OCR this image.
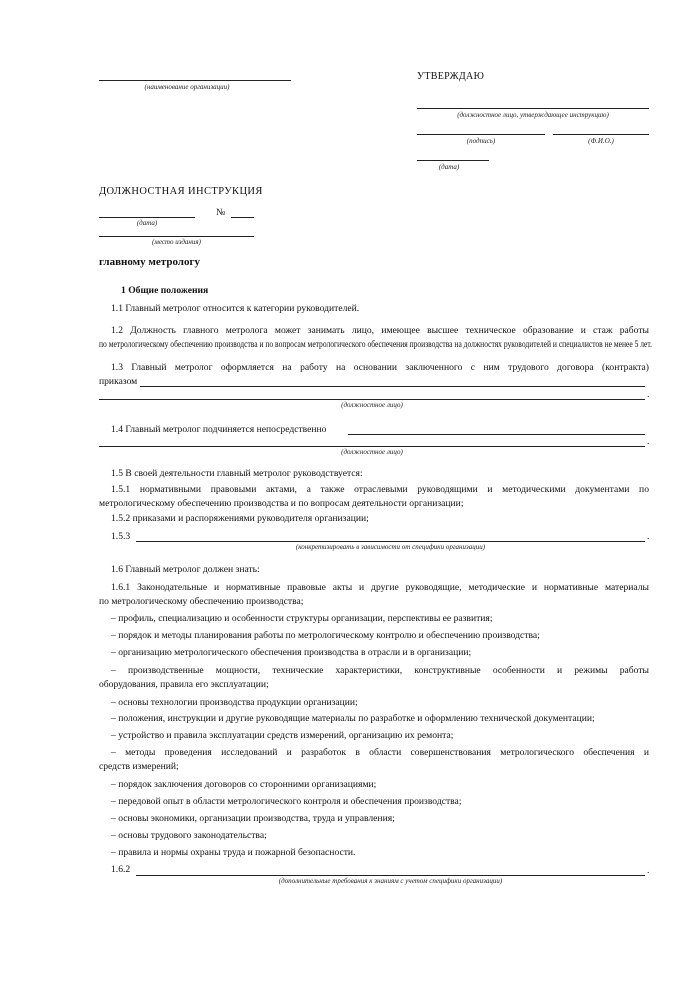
(наименование организации)
УТВЕРЖДАЮ
(должностное лицо, утверждающее инструкцию)
(подпись)	(Ф.И.О.)
(дата)
ДОЛЖНОСТНАЯ ИНСТРУКЦИЯ
(дата)
№
(место издания)
главному метрологу
1 Общие положения
1.1 Главный метролог относится к категории руководителей.
1.2 Должность главного метролога может занимать лицо, имеющее высшее техническое образование и стаж работы
по метрологическому обеспечению производства и по вопросам метрологического обеспечения производства на должностях руководителей и специалистов не менее 5 лет.
1.3 Главный метролог оформляется на работу на основании заключенного с ним трудового договора (контракта)
приказом
.
(должностное лицо)
1.4 Главный метролог подчиняется непосредственно
.
(должностное лицо)
1.5 В своей деятельности главный метролог руководствуется:
1.5.1 нормативными правовыми актами, а также отраслевыми руководящими и методическими документами по
метрологическому обеспечению производства и по вопросам деятельности организации;
1.5.2 приказами и распоряжениями руководителя организации;
1.5.3	.
(конкретизировать в зависимости от специфики организации)
1.6 Главный метролог должен знать:
1.6.1 Законодательные и нормативные правовые акты и другие руководящие, методические и нормативные материалы
по метрологическому обеспечению производства;
– профиль, специализацию и особенности структуры организации, перспективы ее развития;
– порядок и методы планирования работы по метрологическому контролю и обеспечению производства;
– организацию метрологического обеспечения производства в отрасли и в организации;
– производственные мощности, технические характеристики, конструктивные особенности и режимы работы
оборудования, правила его эксплуатации;
– основы технологии производства продукции организации;
– положения, инструкции и другие руководящие материалы по разработке и оформлению технической документации;
– устройство и правила эксплуатации средств измерений, организацию их ремонта;
– методы проведения исследований и разработок в области совершенствования метрологического обеспечения и
средств измерений;
– порядок заключения договоров со сторонними организациями;
– передовой опыт в области метрологического контроля и обеспечения производства;
– основы экономики, организации производства, труда и управления;
– основы трудового законодательства;
– правила и нормы охраны труда и пожарной безопасности.
1.6.2	.
(дополнительные требования к знаниям с учетом специфики организации)
